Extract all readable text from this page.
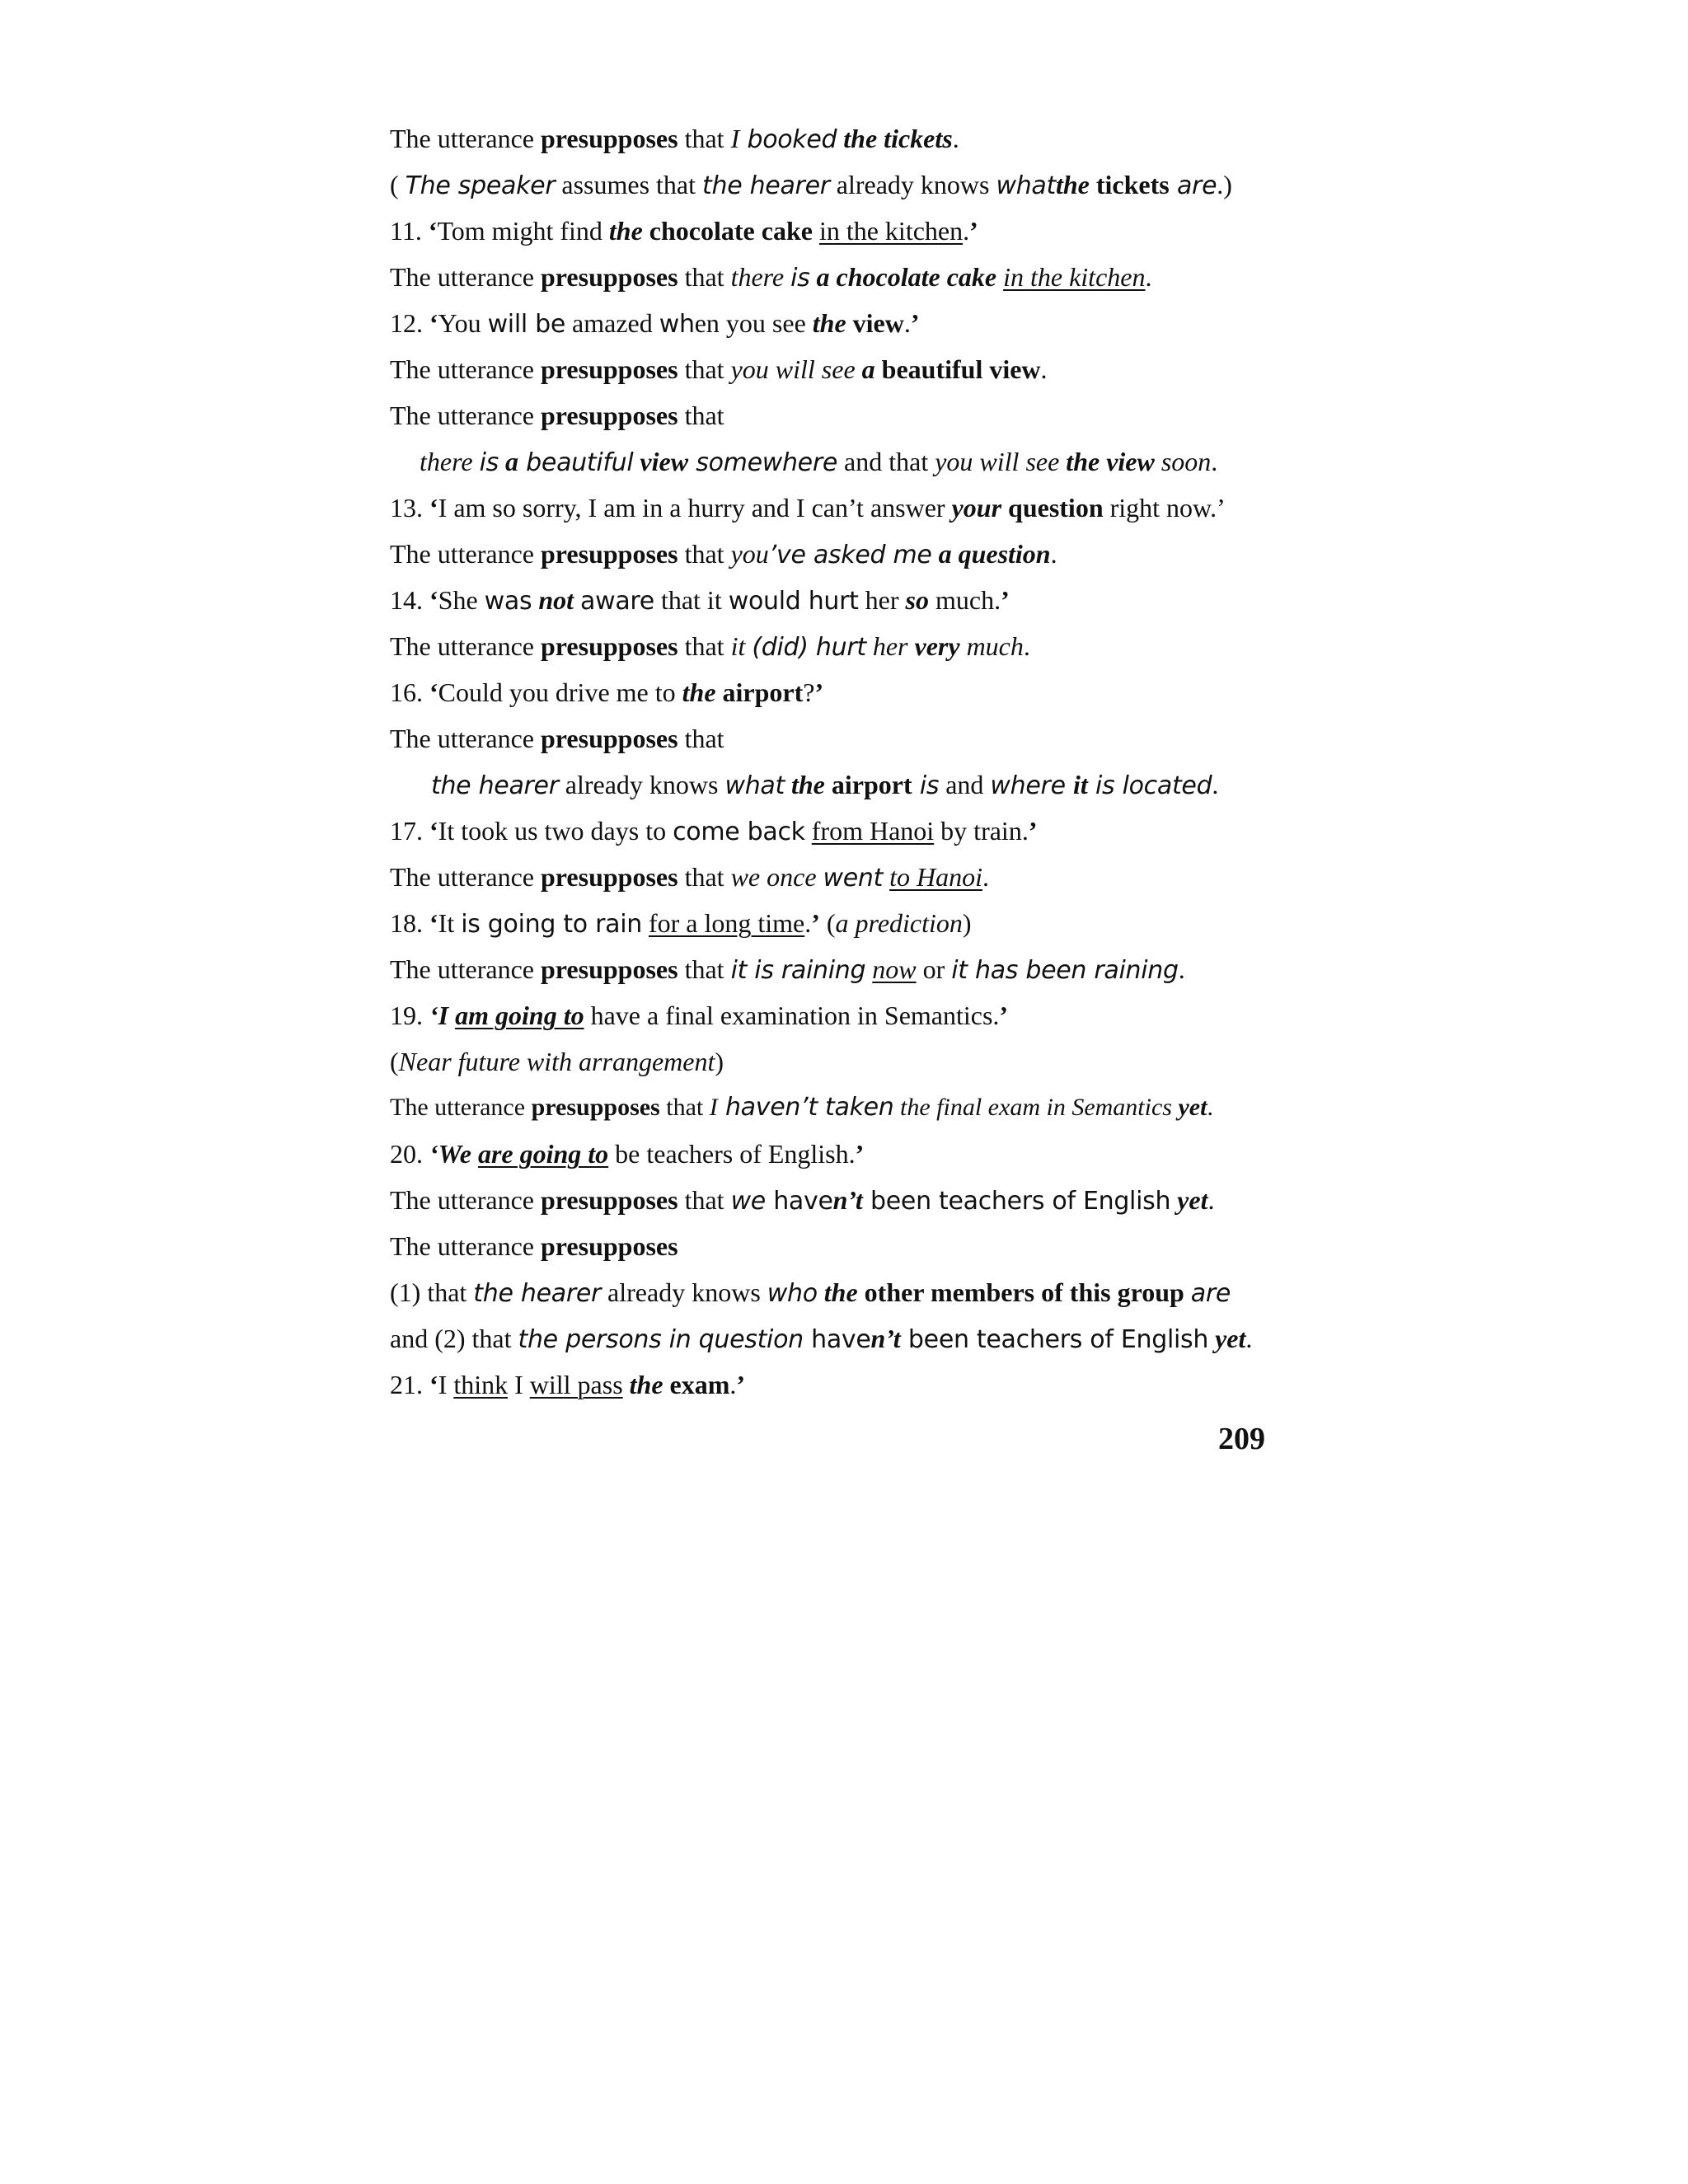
The utterance presupposes that I booked the tickets.
( The speaker assumes that the hearer already knows whatthe tickets are.)
11. ‘Tom might find the chocolate cake in the kitchen.’
The utterance presupposes that there is a chocolate cake in the kitchen.
12. ‘You will be amazed when you see the view.’
The utterance presupposes that you will see a beautiful view.
The utterance presupposes that
there is a beautiful view somewhere and that you will see the view soon.
13. ‘I am so sorry, I am in a hurry and I can’t answer your question right now.’
The utterance presupposes that you’ve asked me a question.
14. ‘She was not aware that it would hurt her so much.’
The utterance presupposes that it (did) hurt her very much.
16. ‘Could you drive me to the airport?’
The utterance presupposes that
the hearer already knows what the airport is and where it is located.
17. ‘It took us two days to come back from Hanoi by train.’
The utterance presupposes that we once went to Hanoi.
18. ‘It is going to rain for a long time.’ (a prediction)
The utterance presupposes that it is raining now or it has been raining.
19. ‘I am going to have a final examination in Semantics.’
(Near future with arrangement)
The utterance presupposes that I haven’t taken the final exam in Semantics yet.
20. ‘We are going to be teachers of English.’
The utterance presupposes that we haven’t been teachers of English yet.
The utterance presupposes
(1) that the hearer already knows who the other members of this group are
and (2) that the persons in question haven’t been teachers of English yet.
21. ‘I think I will pass the exam.’
209
